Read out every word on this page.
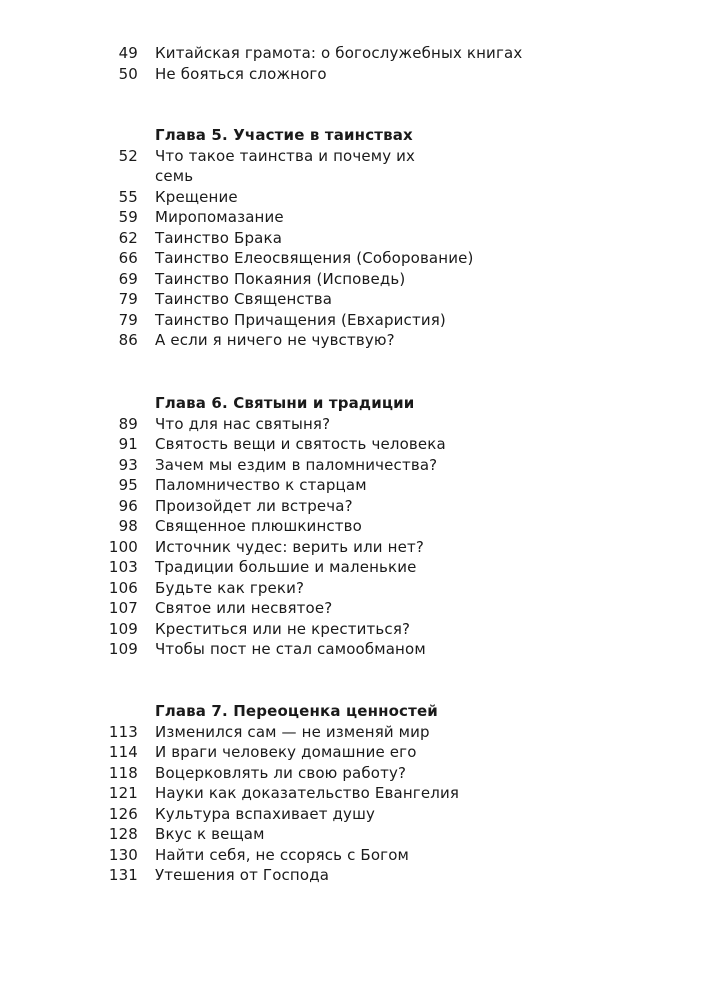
49 Китайская грамота: о богослужебных книгах
50 Не бояться сложного
Глава 5. Участие в таинствах
52 Что такое таинства и почему их семь
55 Крещение
59 Миропомазание
62 Таинство Брака
66 Таинство Елеосвящения (Соборование)
69 Таинство Покаяния (Исповедь)
79 Таинство Священства
79 Таинство Причащения (Евхаристия)
86 А если я ничего не чувствую?
Глава 6. Святыни и традиции
89 Что для нас святыня?
91 Святость вещи и святость человека
93 Зачем мы ездим в паломничества?
95 Паломничество к старцам
96 Произойдет ли встреча?
98 Священное плюшкинство
100 Источник чудес: верить или нет?
103 Традиции большие и маленькие
106 Будьте как греки?
107 Святое или несвятое?
109 Креститься или не креститься?
109 Чтобы пост не стал самообманом
Глава 7. Переоценка ценностей
113 Изменился сам — не изменяй мир
114 И враги человеку домашние его
118 Воцерковлять ли свою работу?
121 Науки как доказательство Евангелия
126 Культура вспахивает душу
128 Вкус к вещам
130 Найти себя, не ссорясь с Богом
131 Утешения от Господа
